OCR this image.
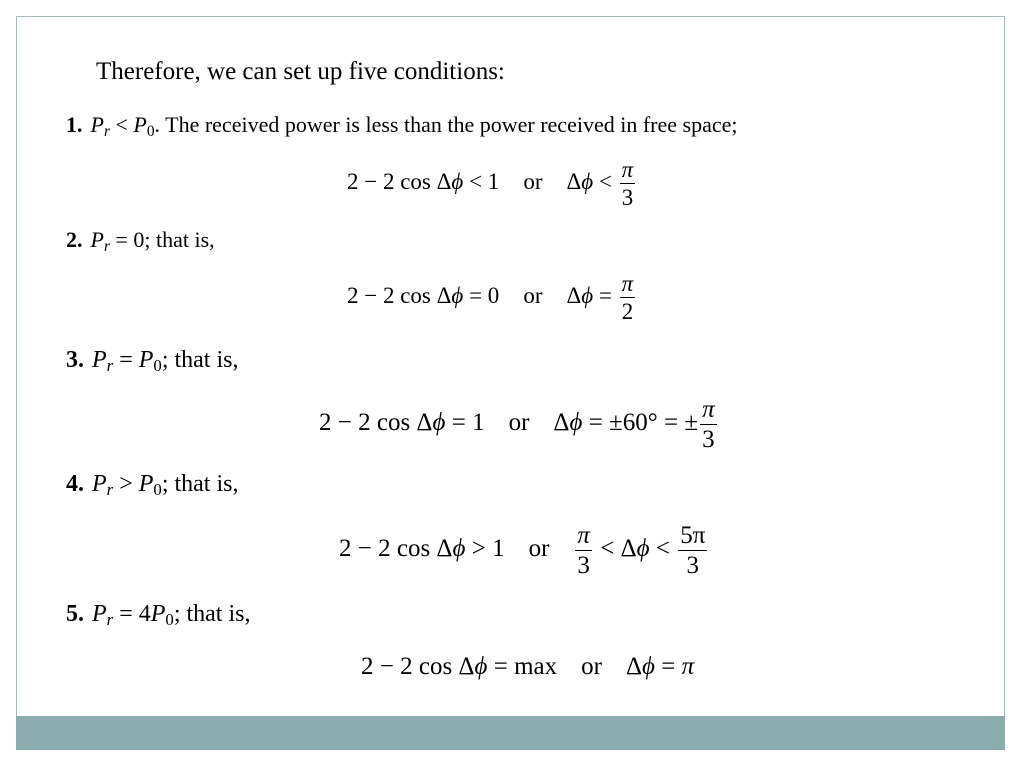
Therefore, we can set up five conditions:
1. $P_r < P_0$. The received power is less than the power received in free space;
2 − 2 cos Δϕ < 1 or $\Delta\phi < \frac{\pi}{3}$
2. $P_r = 0$; that is,
2 − 2 cos Δϕ = 0 or $\Delta\phi = \frac{\pi}{2}$
3. $P_r = P_0$; that is,
2 − 2 cos Δϕ = 1 or Δϕ = ±60° = ± $\frac{\pi}{3}$
4. $P_r > P_0$; that is,
2 − 2 cos Δϕ > 1 or $\frac{\pi}{3} < \Delta\phi < \frac{5\pi}{3}$
5. $P_r = 4P_0$; that is,
2 − 2 cos Δϕ = max or Δϕ = π
